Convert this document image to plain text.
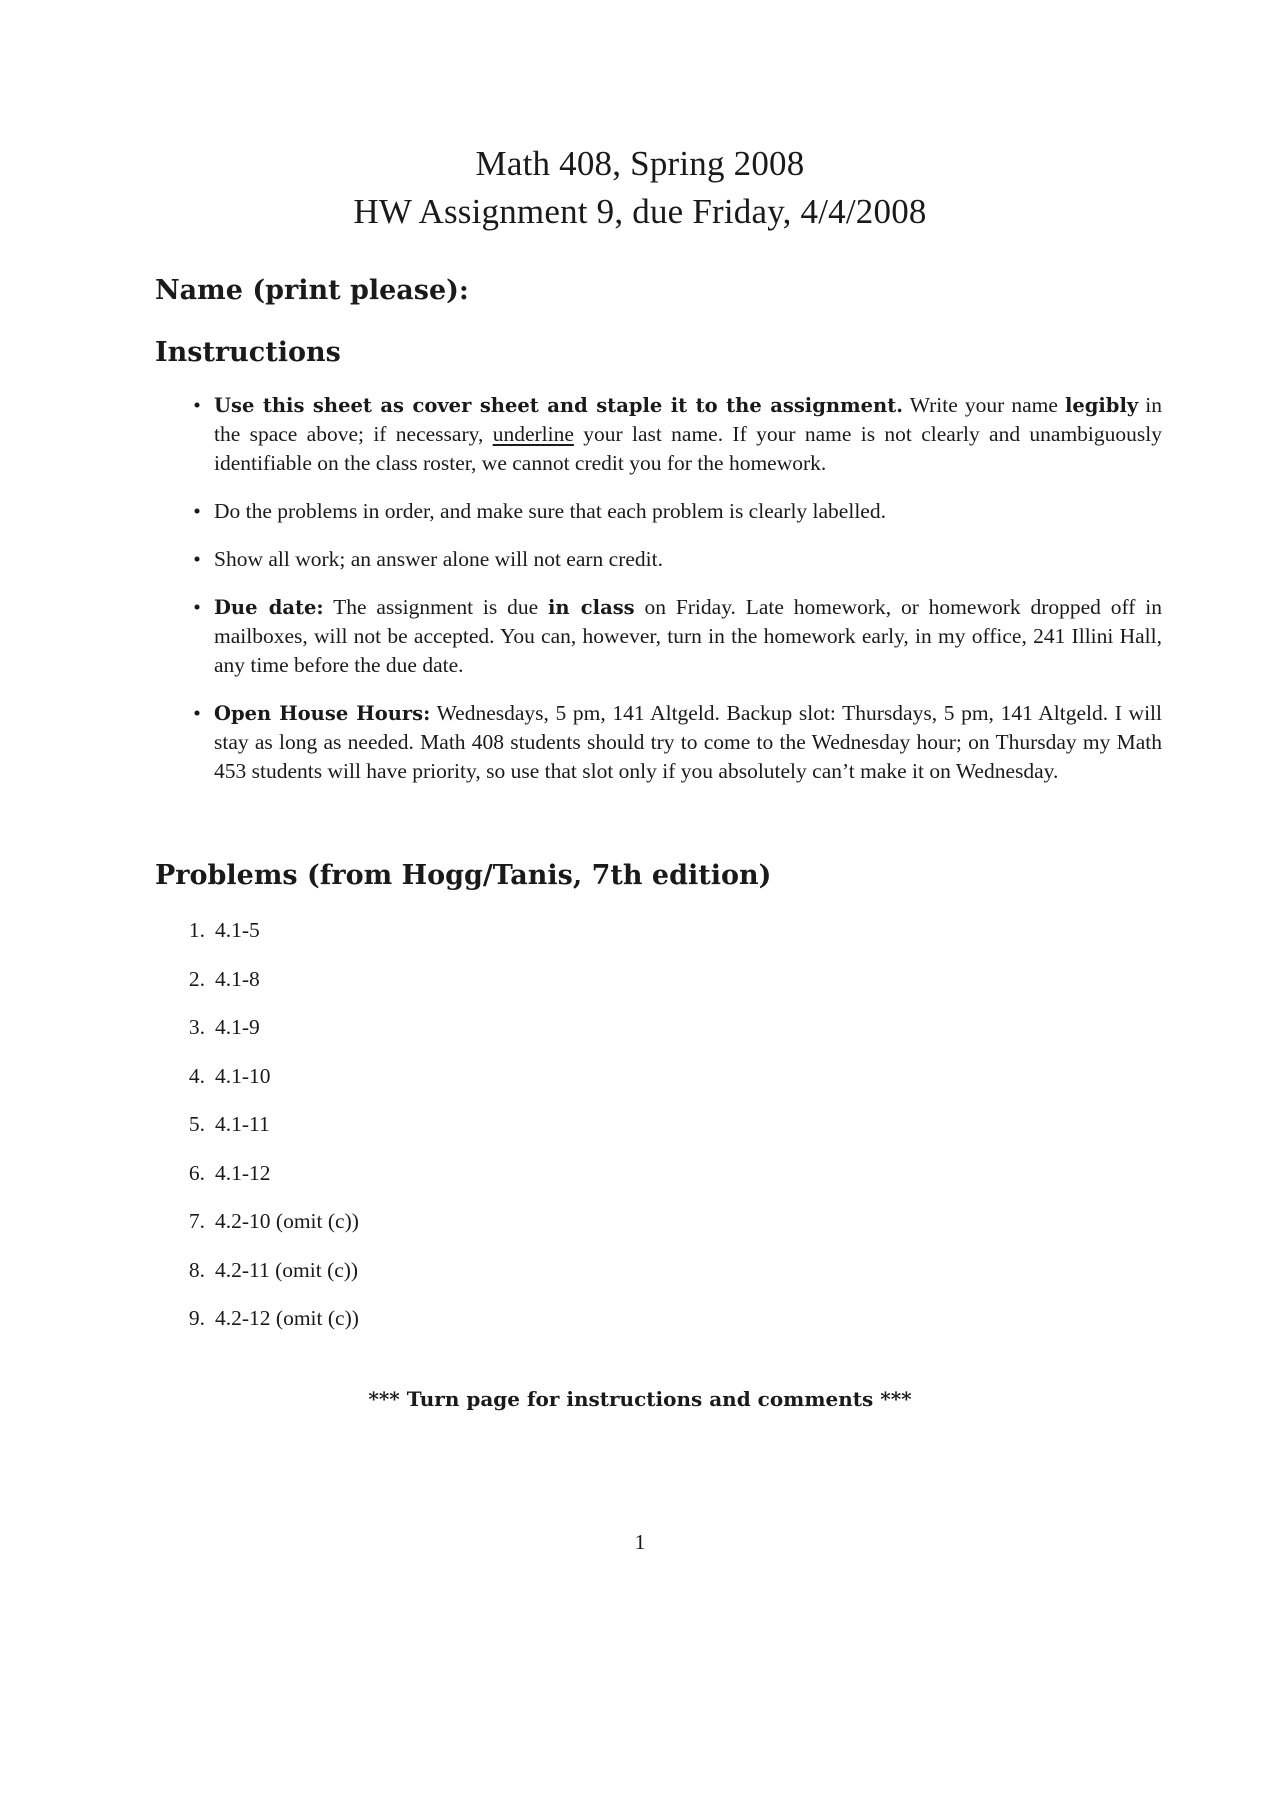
Math 408, Spring 2008
HW Assignment 9, due Friday, 4/4/2008
Name (print please):
Instructions
• Use this sheet as cover sheet and staple it to the assignment. Write your name legibly in the space above; if necessary, underline your last name. If your name is not clearly and unambiguously identifiable on the class roster, we cannot credit you for the homework.
• Do the problems in order, and make sure that each problem is clearly labelled.
• Show all work; an answer alone will not earn credit.
• Due date: The assignment is due in class on Friday. Late homework, or homework dropped off in mailboxes, will not be accepted. You can, however, turn in the homework early, in my office, 241 Illini Hall, any time before the due date.
• Open House Hours: Wednesdays, 5 pm, 141 Altgeld. Backup slot: Thursdays, 5 pm, 141 Altgeld. I will stay as long as needed. Math 408 students should try to come to the Wednesday hour; on Thursday my Math 453 students will have priority, so use that slot only if you absolutely can’t make it on Wednesday.
Problems (from Hogg/Tanis, 7th edition)
1. 4.1-5
2. 4.1-8
3. 4.1-9
4. 4.1-10
5. 4.1-11
6. 4.1-12
7. 4.2-10 (omit (c))
8. 4.2-11 (omit (c))
9. 4.2-12 (omit (c))
*** Turn page for instructions and comments ***
1
